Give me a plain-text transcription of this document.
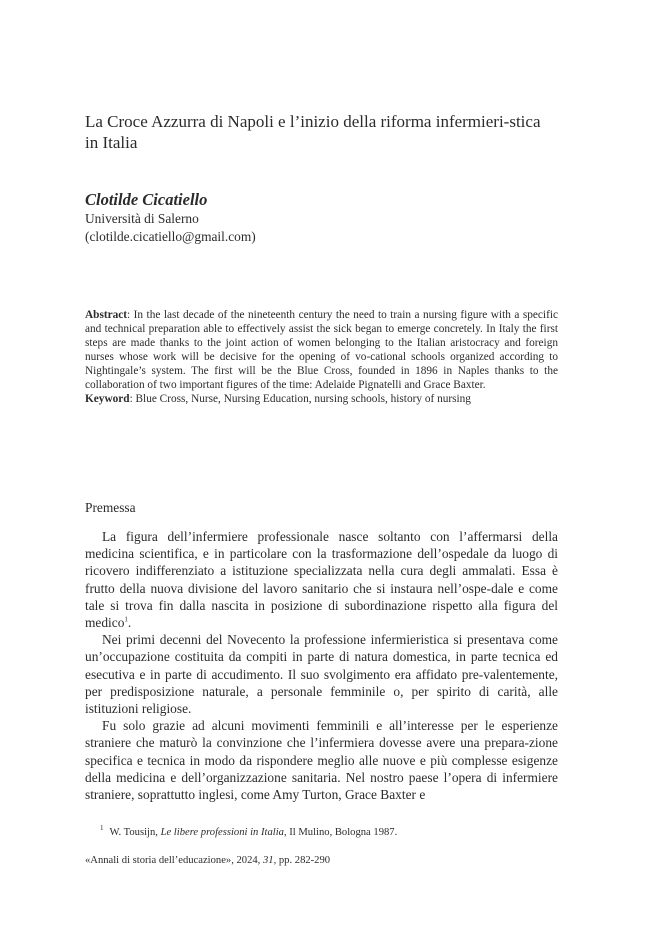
La Croce Azzurra di Napoli e l’inizio della riforma infermieri-stica in Italia
Clotilde Cicatiello
Università di Salerno
(clotilde.cicatiello@gmail.com)

Abstract: In the last decade of the nineteenth century the need to train a nursing figure with a specific and technical preparation able to effectively assist the sick began to emerge concretely. In Italy the first steps are made thanks to the joint action of women belonging to the Italian aristocracy and foreign nurses whose work will be decisive for the opening of vo-cational schools organized according to Nightingale’s system. The first will be the Blue Cross, founded in 1896 in Naples thanks to the collaboration of two important figures of the time: Adelaide Pignatelli and Grace Baxter.

Keyword: Blue Cross, Nurse, Nursing Education, nursing schools, history of nursing

Premessa

La figura dell’infermiere professionale nasce soltanto con l’affermarsi della medicina scientifica, e in particolare con la trasformazione dell’ospedale da luogo di ricovero indifferenziato a istituzione specializzata nella cura degli ammalati. Essa è frutto della nuova divisione del lavoro sanitario che si instaura nell’ospe-dale e come tale si trova fin dalla nascita in posizione di subordinazione rispetto alla figura del medico$^1$.

Nei primi decenni del Novecento la professione infermieristica si presentava come un’occupazione costituita da compiti in parte di natura domestica, in parte tecnica ed esecutiva e in parte di accudimento. Il suo svolgimento era affidato pre-valentemente, per predisposizione naturale, a personale femminile o, per spirito di carità, alle istituzioni religiose.

Fu solo grazie ad alcuni movimenti femminili e all’interesse per le esperienze straniere che maturò la convinzione che l’infermiera dovesse avere una prepara-zione specifica e tecnica in modo da rispondere meglio alle nuove e più complesse esigenze della medicina e dell’organizzazione sanitaria. Nel nostro paese l’opera di infermiere straniere, soprattutto inglesi, come Amy Turton, Grace Baxter e

$^1$ W. Tousijn, Le libere professioni in Italia, Il Mulino, Bologna 1987.
«Annali di storia dell’educazione», 2024, 31, pp. 282-290
